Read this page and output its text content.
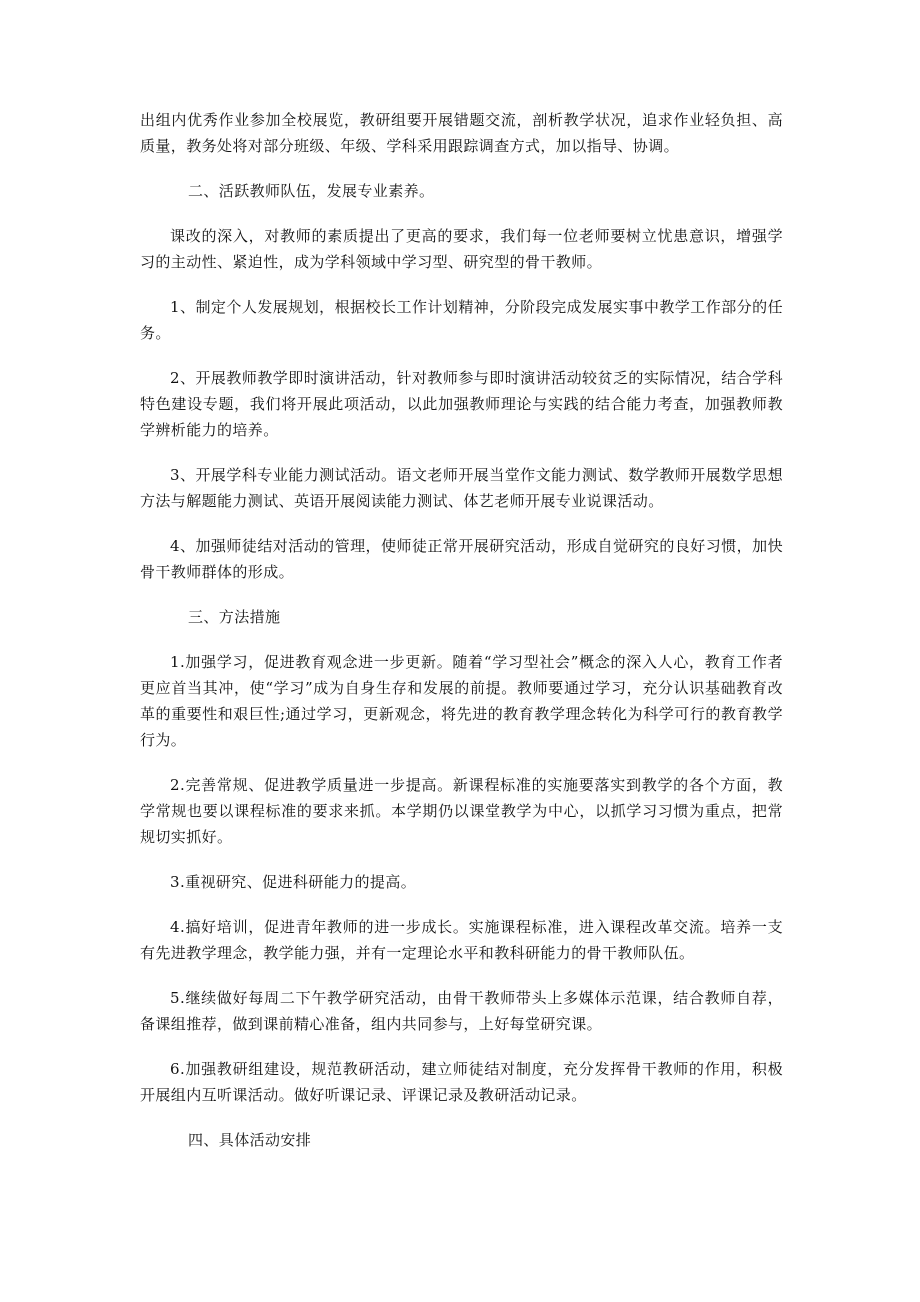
出组内优秀作业参加全校展览，教研组要开展错题交流，剖析教学状况，追求作业轻负担、高质量，教务处将对部分班级、年级、学科采用跟踪调查方式，加以指导、协调。

二、活跃教师队伍，发展专业素养。

课改的深入，对教师的素质提出了更高的要求，我们每一位老师要树立忧患意识，增强学习的主动性、紧迫性，成为学科领域中学习型、研究型的骨干教师。

1、制定个人发展规划，根据校长工作计划精神，分阶段完成发展实事中教学工作部分的任务。

2、开展教师教学即时演讲活动，针对教师参与即时演讲活动较贫乏的实际情况，结合学科特色建设专题，我们将开展此项活动，以此加强教师理论与实践的结合能力考查，加强教师教学辨析能力的培养。

3、开展学科专业能力测试活动。语文老师开展当堂作文能力测试、数学教师开展数学思想方法与解题能力测试、英语开展阅读能力测试、体艺老师开展专业说课活动。

4、加强师徒结对活动的管理，使师徒正常开展研究活动，形成自觉研究的良好习惯，加快骨干教师群体的形成。

三、方法措施

1.加强学习，促进教育观念进一步更新。随着“学习型社会”概念的深入人心，教育工作者更应首当其冲，使“学习”成为自身生存和发展的前提。教师要通过学习，充分认识基础教育改革的重要性和艰巨性;通过学习，更新观念，将先进的教育教学理念转化为科学可行的教育教学行为。

2.完善常规、促进教学质量进一步提高。新课程标准的实施要落实到教学的各个方面，教学常规也要以课程标准的要求来抓。本学期仍以课堂教学为中心，以抓学习习惯为重点，把常规切实抓好。

3.重视研究、促进科研能力的提高。

4.搞好培训，促进青年教师的进一步成长。实施课程标准，进入课程改革交流。培养一支有先进教学理念，教学能力强，并有一定理论水平和教科研能力的骨干教师队伍。

5.继续做好每周二下午教学研究活动，由骨干教师带头上多媒体示范课，结合教师自荐，备课组推荐，做到课前精心准备，组内共同参与，上好每堂研究课。

6.加强教研组建设，规范教研活动，建立师徒结对制度，充分发挥骨干教师的作用，积极开展组内互听课活动。做好听课记录、评课记录及教研活动记录。

四、具体活动安排
